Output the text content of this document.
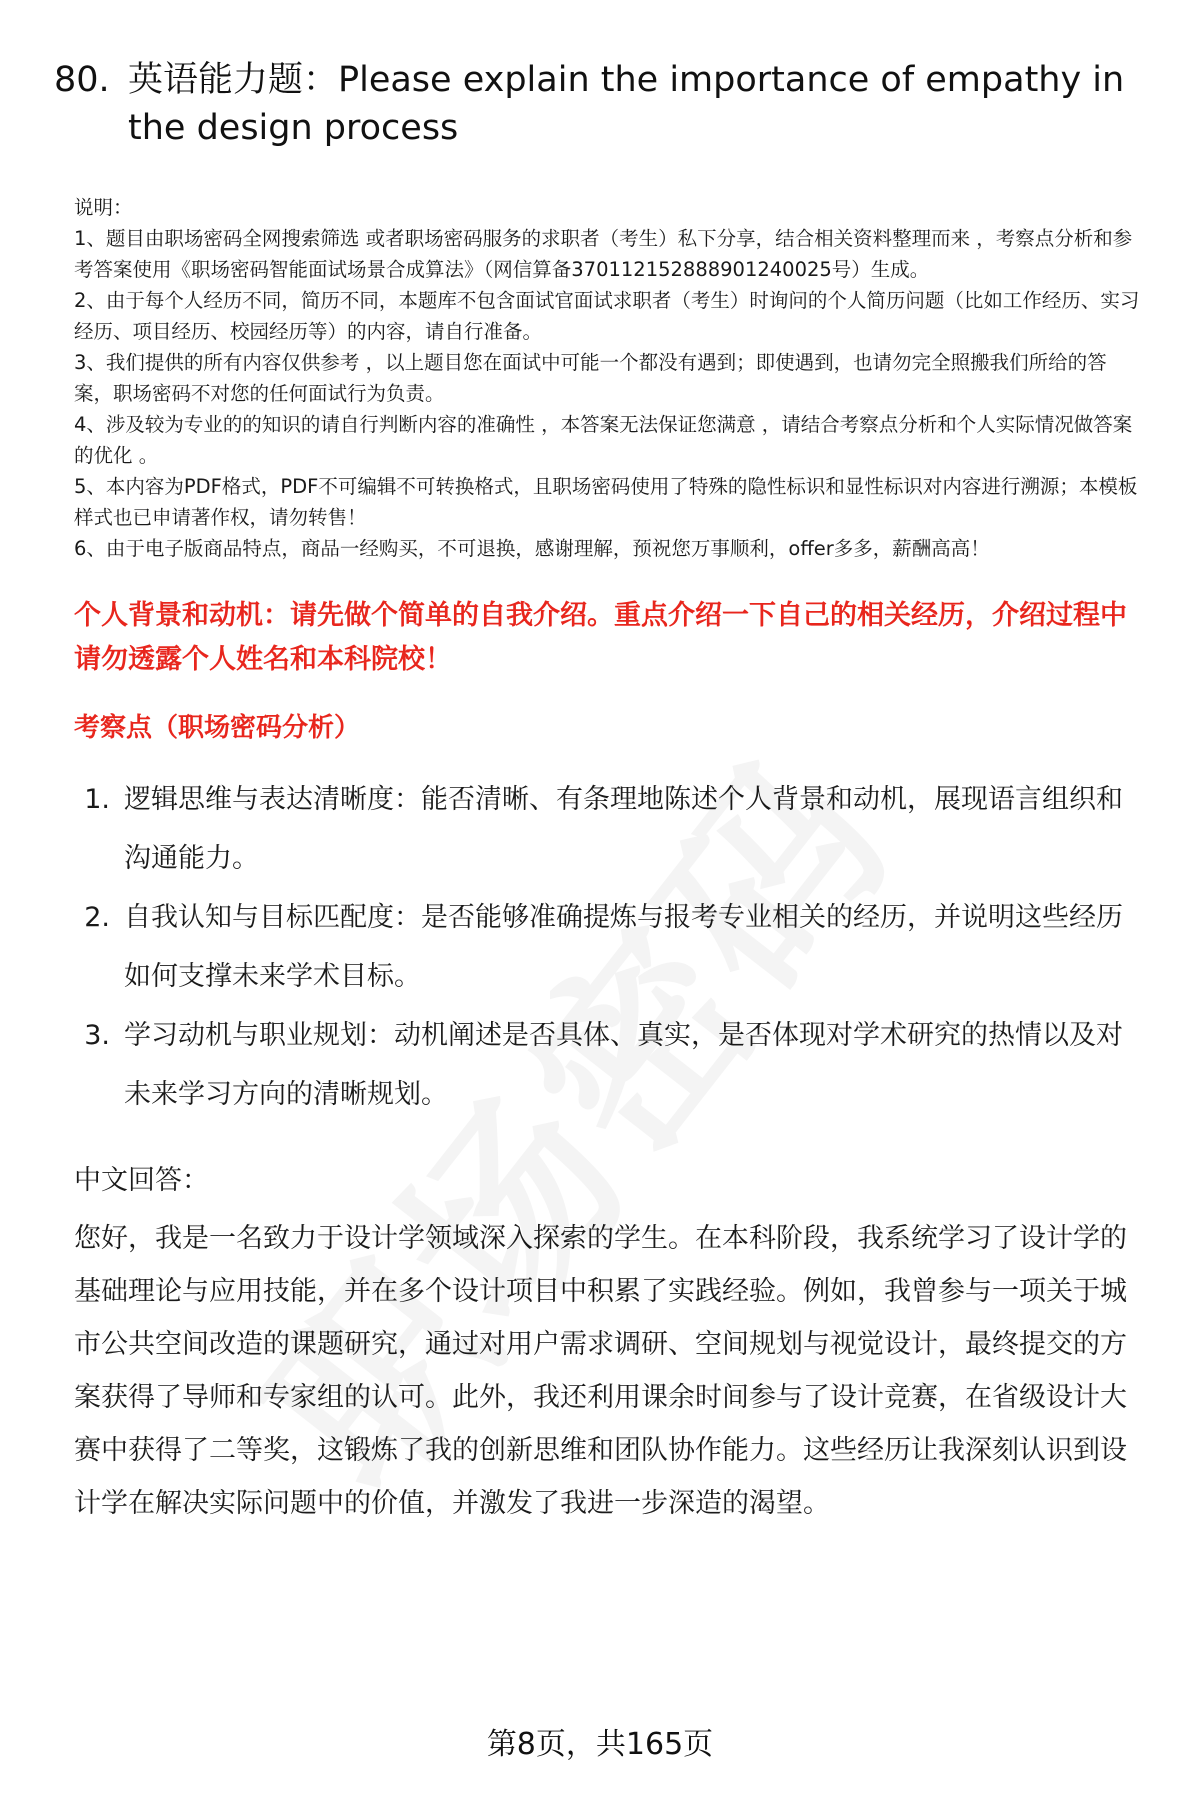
80. 英语能力题：Please explain the importance of empathy in the design process

说明：

1、题目由职场密码全网搜索筛选 或者职场密码服务的求职者（考生）私下分享，结合相关资料整理而来 ，考察点分析和参考答案使用《职场密码智能面试场景合成算法》（网信算备370112152888901240025号）生成。

2、由于每个人经历不同，简历不同，本题库不包含面试官面试求职者（考生）时询问的个人简历问题（比如工作经历、实习经历、项目经历、校园经历等）的内容，请自行准备。

3、我们提供的所有内容仅供参考 ，以上题目您在面试中可能一个都没有遇到；即使遇到，也请勿完全照搬我们所给的答案，职场密码不对您的任何面试行为负责。

4、涉及较为专业的的知识的请自行判断内容的准确性 ，本答案无法保证您满意 ，请结合考察点分析和个人实际情况做答案的优化 。

5、本内容为PDF格式，PDF不可编辑不可转换格式，且职场密码使用了特殊的隐性标识和显性标识对内容进行溯源；本模板样式也已申请著作权，请勿转售！

6、由于电子版商品特点，商品一经购买，不可退换，感谢理解，预祝您万事顺利，offer多多，薪酬高高！

个人背景和动机：请先做个简单的自我介绍。重点介绍一下自己的相关经历，介绍过程中请勿透露个人姓名和本科院校！
考察点（职场密码分析）
1. 逻辑思维与表达清晰度：能否清晰、有条理地陈述个人背景和动机，展现语言组织和沟通能力。
2. 自我认知与目标匹配度：是否能够准确提炼与报考专业相关的经历，并说明这些经历如何支撑未来学术目标。
3. 学习动机与职业规划：动机阐述是否具体、真实，是否体现对学术研究的热情以及对未来学习方向的清晰规划。
中文回答：

您好，我是一名致力于设计学领域深入探索的学生。在本科阶段，我系统学习了设计学的基础理论与应用技能，并在多个设计项目中积累了实践经验。例如，我曾参与一项关于城市公共空间改造的课题研究，通过对用户需求调研、空间规划与视觉设计，最终提交的方案获得了导师和专家组的认可。此外，我还利用课余时间参与了设计竞赛，在省级设计大赛中获得了二等奖，这锻炼了我的创新思维和团队协作能力。这些经历让我深刻认识到设计学在解决实际问题中的价值，并激发了我进一步深造的渴望。

第8页，共165页
